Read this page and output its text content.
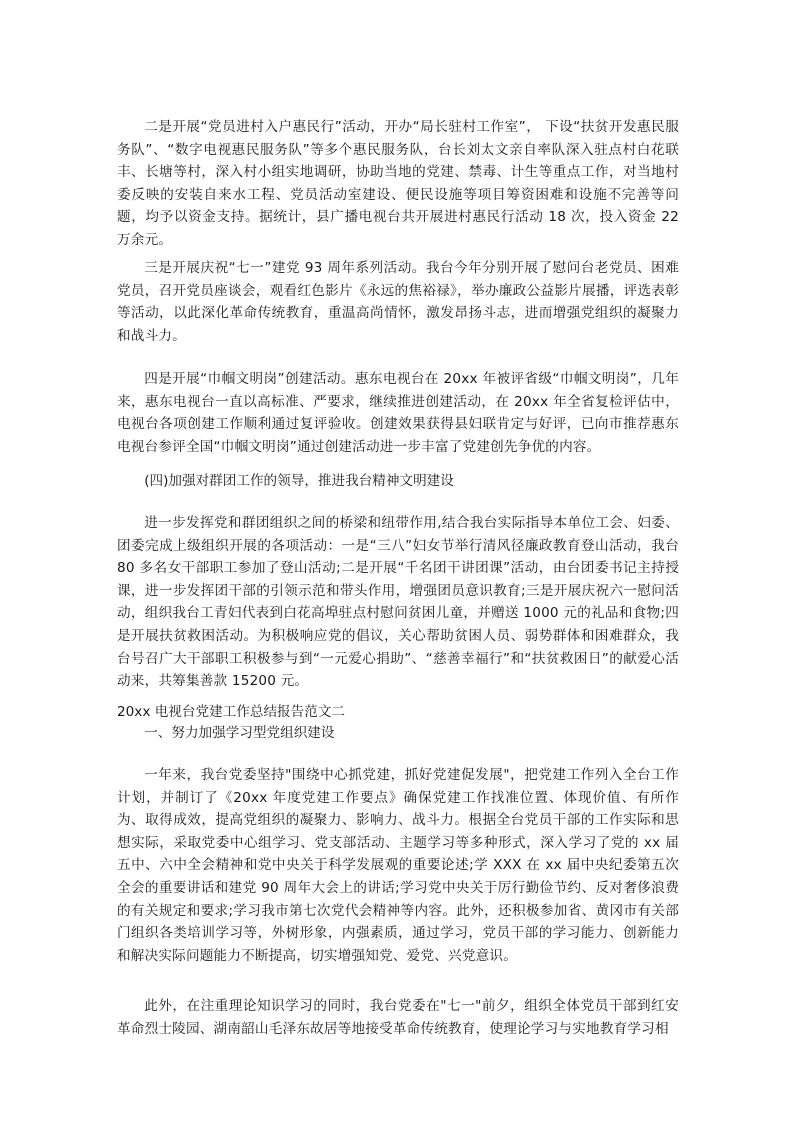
二是开展“党员进村入户惠民行”活动，开办“局长驻村工作室”， 下设“扶贫开发惠民服务队”、“数字电视惠民服务队”等多个惠民服务队，台长刘太文亲自率队深入驻点村白花联丰、长塘等村，深入村小组实地调研，协助当地的党建、禁毒、计生等重点工作，对当地村委反映的安装自来水工程、党员活动室建设、便民设施等项目筹资困难和设施不完善等问题，均予以资金支持。据统计，县广播电视台共开展进村惠民行活动 18 次，投入资金 22 万余元。

三是开展庆祝“七一”建党 93 周年系列活动。我台今年分别开展了慰问台老党员、困难党员，召开党员座谈会，观看红色影片《永远的焦裕禄》，举办廉政公益影片展播，评选表彰等活动，以此深化革命传统教育，重温高尚情怀，激发昂扬斗志，进而增强党组织的凝聚力和战斗力。

四是开展“巾帼文明岗”创建活动。惠东电视台在 20xx 年被评省级“巾帼文明岗”，几年来，惠东电视台一直以高标准、严要求，继续推进创建活动，在 20xx 年全省复检评估中，电视台各项创建工作顺利通过复评验收。创建效果获得县妇联肯定与好评，已向市推荐惠东电视台参评全国“巾帼文明岗”通过创建活动进一步丰富了党建创先争优的内容。

(四)加强对群团工作的领导，推进我台精神文明建设

进一步发挥党和群团组织之间的桥梁和纽带作用,结合我台实际指导本单位工会、妇委、团委完成上级组织开展的各项活动：一是“三八”妇女节举行清风径廉政教育登山活动，我台 80 多名女干部职工参加了登山活动;二是开展“千名团干讲团课”活动，由台团委书记主持授课，进一步发挥团干部的引领示范和带头作用，增强团员意识教育;三是开展庆祝六一慰问活动，组织我台工青妇代表到白花高埠驻点村慰问贫困儿童，并赠送 1000 元的礼品和食物;四是开展扶贫救困活动。为积极响应党的倡议，关心帮助贫困人员、弱势群体和困难群众，我台号召广大干部职工积极参与到“一元爱心捐助”、“慈善幸福行”和“扶贫救困日”的献爱心活动来，共筹集善款 15200 元。

20xx 电视台党建工作总结报告范文二

一、努力加强学习型党组织建设

一年来，我台党委坚持"围绕中心抓党建，抓好党建促发展"，把党建工作列入全台工作计划，并制订了《20xx 年度党建工作要点》确保党建工作找准位置、体现价值、有所作为、取得成效，提高党组织的凝聚力、影响力、战斗力。根据全台党员干部的工作实际和思想实际，采取党委中心组学习、党支部活动、主题学习等多种形式，深入学习了党的 xx 届五中、六中全会精神和党中央关于科学发展观的重要论述;学 XXX 在 xx 届中央纪委第五次全会的重要讲话和建党 90 周年大会上的讲话;学习党中央关于厉行勤俭节约、反对奢侈浪费的有关规定和要求;学习我市第七次党代会精神等内容。此外，还积极参加省、黄冈市有关部门组织各类培训学习等，外树形象，内强素质，通过学习，党员干部的学习能力、创新能力和解决实际问题能力不断提高，切实增强知党、爱党、兴党意识。

此外，在注重理论知识学习的同时，我台党委在"七一"前夕，组织全体党员干部到红安革命烈士陵园、湖南韶山毛泽东故居等地接受革命传统教育，使理论学习与实地教育学习相
